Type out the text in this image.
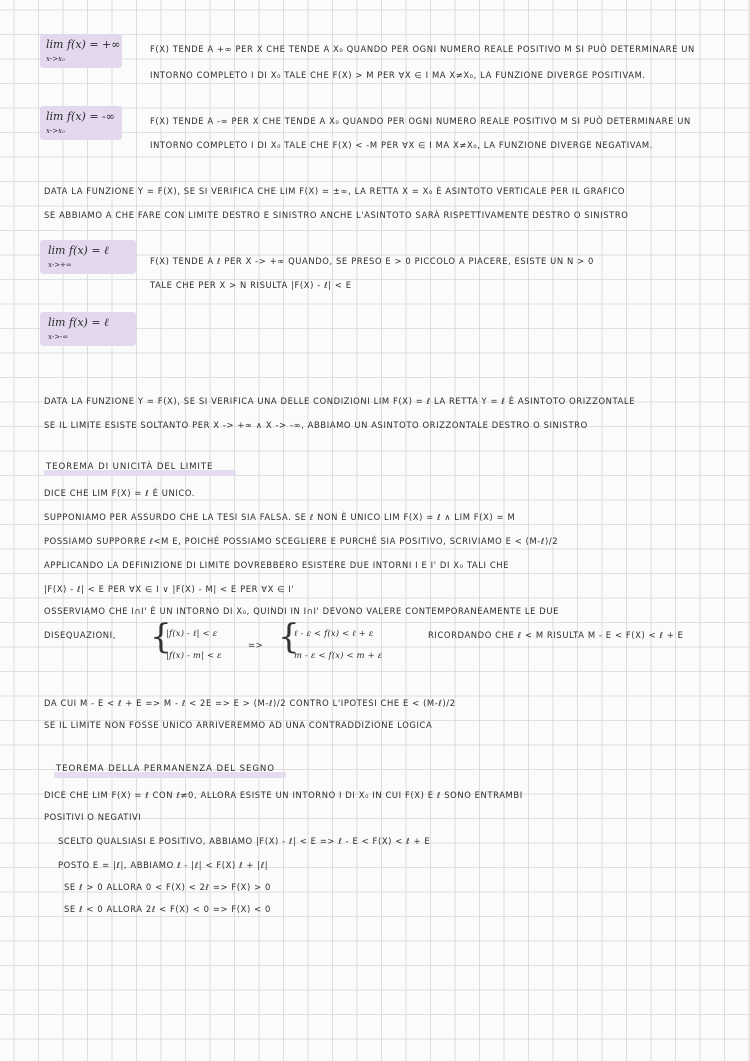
lim f(x) = +∞
x->x₀
lim f(x) = -∞
x->x₀
lim f(x) = ℓ
x->+∞
lim f(x) = ℓ
x->-∞
F(X) TENDE A +∞ PER X CHE TENDE A X₀ QUANDO PER OGNI NUMERO REALE POSITIVO M SI PUÒ DETERMINARE UN
INTORNO COMPLETO I DI X₀ TALE CHE F(X) > M PER ∀X ∈ I MA X≠X₀, LA FUNZIONE DIVERGE POSITIVAM.
F(X) TENDE A -∞ PER X CHE TENDE A X₀ QUANDO PER OGNI NUMERO REALE POSITIVO M SI PUÒ DETERMINARE UN
INTORNO COMPLETO I DI X₀ TALE CHE F(X) < -M PER ∀X ∈ I MA X≠X₀, LA FUNZIONE DIVERGE NEGATIVAM.
DATA LA FUNZIONE Y = F(X), SE SI VERIFICA CHE LIM F(X) = ±∞, LA RETTA X = X₀ È ASINTOTO VERTICALE PER IL GRAFICO
SE ABBIAMO A CHE FARE CON LIMITE DESTRO E SINISTRO ANCHE L'ASINTOTO SARÀ RISPETTIVAMENTE DESTRO O SINISTRO
F(X) TENDE A ℓ PER X -> +∞ QUANDO, SE PRESO Ε > 0 PICCOLO A PIACERE, ESISTE UN N > 0
TALE CHE PER X > N RISULTA |F(X) - ℓ| < Ε
DATA LA FUNZIONE Y = F(X), SE SI VERIFICA UNA DELLE CONDIZIONI LIM F(X) = ℓ LA RETTA Y = ℓ È ASINTOTO ORIZZONTALE
SE IL LIMITE ESISTE SOLTANTO PER X -> +∞ ∧ X -> -∞, ABBIAMO UN ASINTOTO ORIZZONTALE DESTRO O SINISTRO
TEOREMA DI UNICITÀ DEL LIMITE
DICE CHE LIM F(X) = ℓ È UNICO.
SUPPONIAMO PER ASSURDO CHE LA TESI SIA FALSA. SE ℓ NON È UNICO LIM F(X) = ℓ ∧ LIM F(X) = M
POSSIAMO SUPPORRE ℓ<M Ε, POICHÉ POSSIAMO SCEGLIERE Ε PURCHÉ SIA POSITIVO, SCRIVIAMO Ε < (M-ℓ)/2
APPLICANDO LA DEFINIZIONE DI LIMITE DOVREBBERO ESISTERE DUE INTORNI I E I' DI X₀ TALI CHE
|F(X) - ℓ| < Ε PER ∀X ∈ I ∨ |F(X) - M| < Ε PER ∀X ∈ I'
OSSERVIAMO CHE I∩I' È UN INTORNO DI X₀, QUINDI IN I∩I' DEVONO VALERE CONTEMPORANEAMENTE LE DUE
DISEQUAZIONI, {
|f(x) - ℓ| < ε
|f(x) - m| < ε
=> {
ℓ - ε < f(x) < ℓ + ε
m - ε < f(x) < m + ε
RICORDANDO CHE ℓ < M RISULTA M - Ε < F(X) < ℓ + Ε
DA CUI M - Ε < ℓ + Ε => M - ℓ < 2Ε => Ε > (M-ℓ)/2 CONTRO L'IPOTESI CHE Ε < (M-ℓ)/2
SE IL LIMITE NON FOSSE UNICO ARRIVEREMMO AD UNA CONTRADDIZIONE LOGICA
TEOREMA DELLA PERMANENZA DEL SEGNO
DICE CHE LIM F(X) = ℓ CON ℓ≠0, ALLORA ESISTE UN INTORNO I DI X₀ IN CUI F(X) E ℓ SONO ENTRAMBI
POSITIVI O NEGATIVI
SCELTO QUALSIASI Ε POSITIVO, ABBIAMO |F(X) - ℓ| < Ε => ℓ - Ε < F(X) < ℓ + Ε
POSTO Ε = |ℓ|, ABBIAMO ℓ - |ℓ| < F(X) ℓ + |ℓ|
SE ℓ > 0 ALLORA 0 < F(X) < 2ℓ => F(X) > 0
SE ℓ < 0 ALLORA 2ℓ < F(X) < 0 => F(X) < 0
